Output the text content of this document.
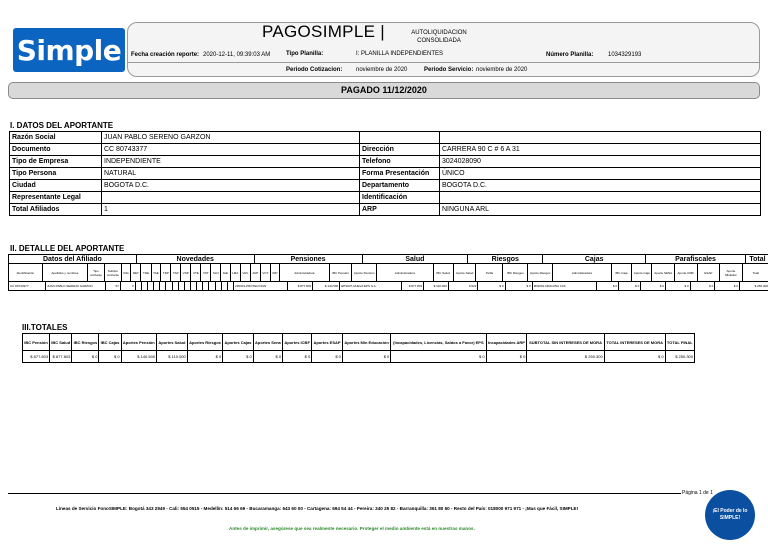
Simple
PAGOSIMPLE |	AUTOLIQUIDACION CONSOLIDADA
Fecha creación reporte: 2020-12-11, 09:39:03 AM	Tipo Planilla:	I: PLANILLA INDEPENDIENTES	Número Planilla: 1034329193
Periodo Cotizacion: noviembre de 2020	Periodo Servicio: noviembre de 2020
PAGADO 11/12/2020
I. DATOS DEL APORTANTE
Razón Social	JUAN PABLO SERENO GARZON		
Documento	CC 80743377	Dirección	CARRERA 90 C # 6 A 31
Tipo de Empresa	INDEPENDIENTE	Telefono	3024028090
Tipo Persona	NATURAL	Forma Presentación	ÚNICO
Ciudad	BOGOTA D.C.	Departamento	BOGOTA D.C.
Representante Legal		Identificación	
Total Afiliados	1	ARP	NINGUNA ARL
II. DETALLE DEL APORTANTE
Datos del Afiliado	Novedades	Pensiones	Salud	Riesgos	Cajas	Parafiscales	Total
Identificación	Apellidos y nombres	Tipo cotizante	Subtipo cotizante	ING	RET	TDE	TAE	TDP	TAP	VSP	VTE	VST	SLN	IGE	LMA	VAC	AVP	VCT	IRP	Administradora	IBC Pensión	Aporte Pensión	Administradora	IBC Salud	Aporte Salud	Tarifa	IBC Riesgos	Aporte Riesgos	Administradora	IBC Caja	Aporte Caja	Aporte SENA	Aporte ICBF	ESAP	Aporte MinEduc	Total
CC 80743377	JUAN PABLO SERENO GARZON	57	0																	230301-PROTECCION	$ 877.803	$ 140.500	EPS037-NUEVA EPS S.A.	$ 877.803	$ 110.000	0,522	$ 0	$ 0	MIN001-NINGUNA CCF	$ 0	$ 0	$ 0	$ 0	$ 0	$ 0	$ 250.300
III.TOTALES
IBC Pensión	IBC Salud	IBC Riesgos	IBC Cajas	Aportes Pensión	Aportes Salud	Aportes Riesgos	Aportes Cajas	Aportes Sena	Aportes ICBF	Aportes ESAP	Aportes Min Educación	(Incapacidades, Licencias, Saldos a Favor) EPS	Incapacidades ARP	SUBTOTAL SIN INTERESES DE MORA	TOTAL INTERESES DE MORA	TOTAL FINAL
$ 877.803	$ 877.803	$ 0	$ 0	$ 140.500	$ 110.000	$ 0	$ 0	$ 0	$ 0	$ 0	$ 0	$ 0	$ 0	$ 250.300	$ 0	$ 250.300
Página 1 de 1
Líneas de Servicio FonoSIMPLE: Bogotá 343 2949 - Cali: 554 0515 - Medellín: 514 66 69 - Bucaramanga: 643 60 00 - Cartagena: 694 54 44 - Pereira: 340 25 82 - Barranquilla: 361 80 50 - Resto del País: 018000 971 971 - ¡Mas que Fácil, SIMPLE!
Antes de imprimir, asegúrese que sea realmente necesario. Proteger el medio ambiente está en nuestras manos.
¡El Poder de lo SIMPLE!
